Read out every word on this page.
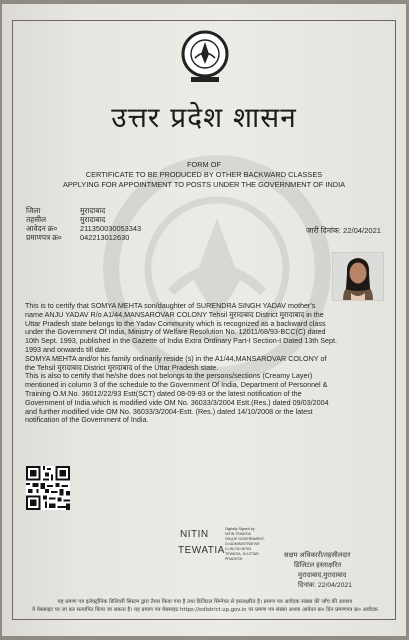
उत्तर प्रदेश शासन
FORM OF
CERTIFICATE TO BE PRODUCED BY OTHER BACKWARD CLASSES
APPLYING FOR APPOINTMENT TO POSTS UNDER THE GOVERNMENT OF INDIA
जिला	मुरादाबाद
तहसील	मुरादाबाद
आवेदन क्र०	211350030053343
प्रमाणपत्र क्र० 042213012630
जारी दिनांक: 22/04/2021
This is to certify that SOMYA MEHTA son/daughter of SURENDRA SINGH YADAV mother's
name ANJU YADAV R/o A1/44,MANSAROVAR COLONY Tehsil मुरादाबाद District मुरादाबाद in the
Uttar Pradesh state belongs to the Yadav Community which is recognized as a backward class
under the Government Of India, Ministry of Welfare Resolution No. 12011/68/93-BCC(C) dated
10th Sept. 1993, published in the Gazette of India Extra Ordinary Part-I Section-I Dated 13th Sept.
1993 and onwards till date.
SOMYA MEHTA and/or his family ordinarily reside (s) in the A1/44,MANSAROVAR COLONY of
the Tehsil मुरादाबाद District मुरादाबाद of the Uttar Pradesh state.
This is also to certify that he/she does not belongs to the persons/sections (Creamy Layer)
mentioned in column 3 of the schedule to the Government Of India, Department of Personnel &
Training O.M.No. 36012/22/93 Estt(SCT) dated 08-09-93 or the latest notification of the
Government of India.which is modified vide OM No. 36033/3/2004 Estt.(Res.) dated 09/03/2004
and further modified vide OM No. 36033/3/2004-Estt. (Res.) dated 14/10/2008 or the latest
notification of the Government of India.
NITIN
TEWATIA
Digitally Signed by
NITIN TEWATIA
DN:(UP GOVERNMENT,
O=ADMINISTRATIVE
C=IN,CN=NITIN
TEWATIA, S=UTTAR
PRADESH	सक्षम अधिकारी/तहसीलदार
डिजिटल हस्ताक्षरित
मुरादाबाद,मुरादाबाद
दिनांक: 22/04/2021
यह प्रमाण पत्र इलेक्ट्रॉनिक डिलिवरी सिस्टम द्वारा तैयार किया गया है तथा डिजिटल सिग्नेचर से हस्ताक्षरित है। प्रमाण पत्र आवेदक संख्या की जाँच की आवश्य
ये वेबसाइट पर जा कर सत्यापित किया जा सकता है। यह प्रमाण पत्र वेबसाइट https://edistrict.up.gov.in पर प्रमाण पत्र संख्या अथवा आवेदन क्र० डिन प्रमाणपत्र क्र० आवेदक
